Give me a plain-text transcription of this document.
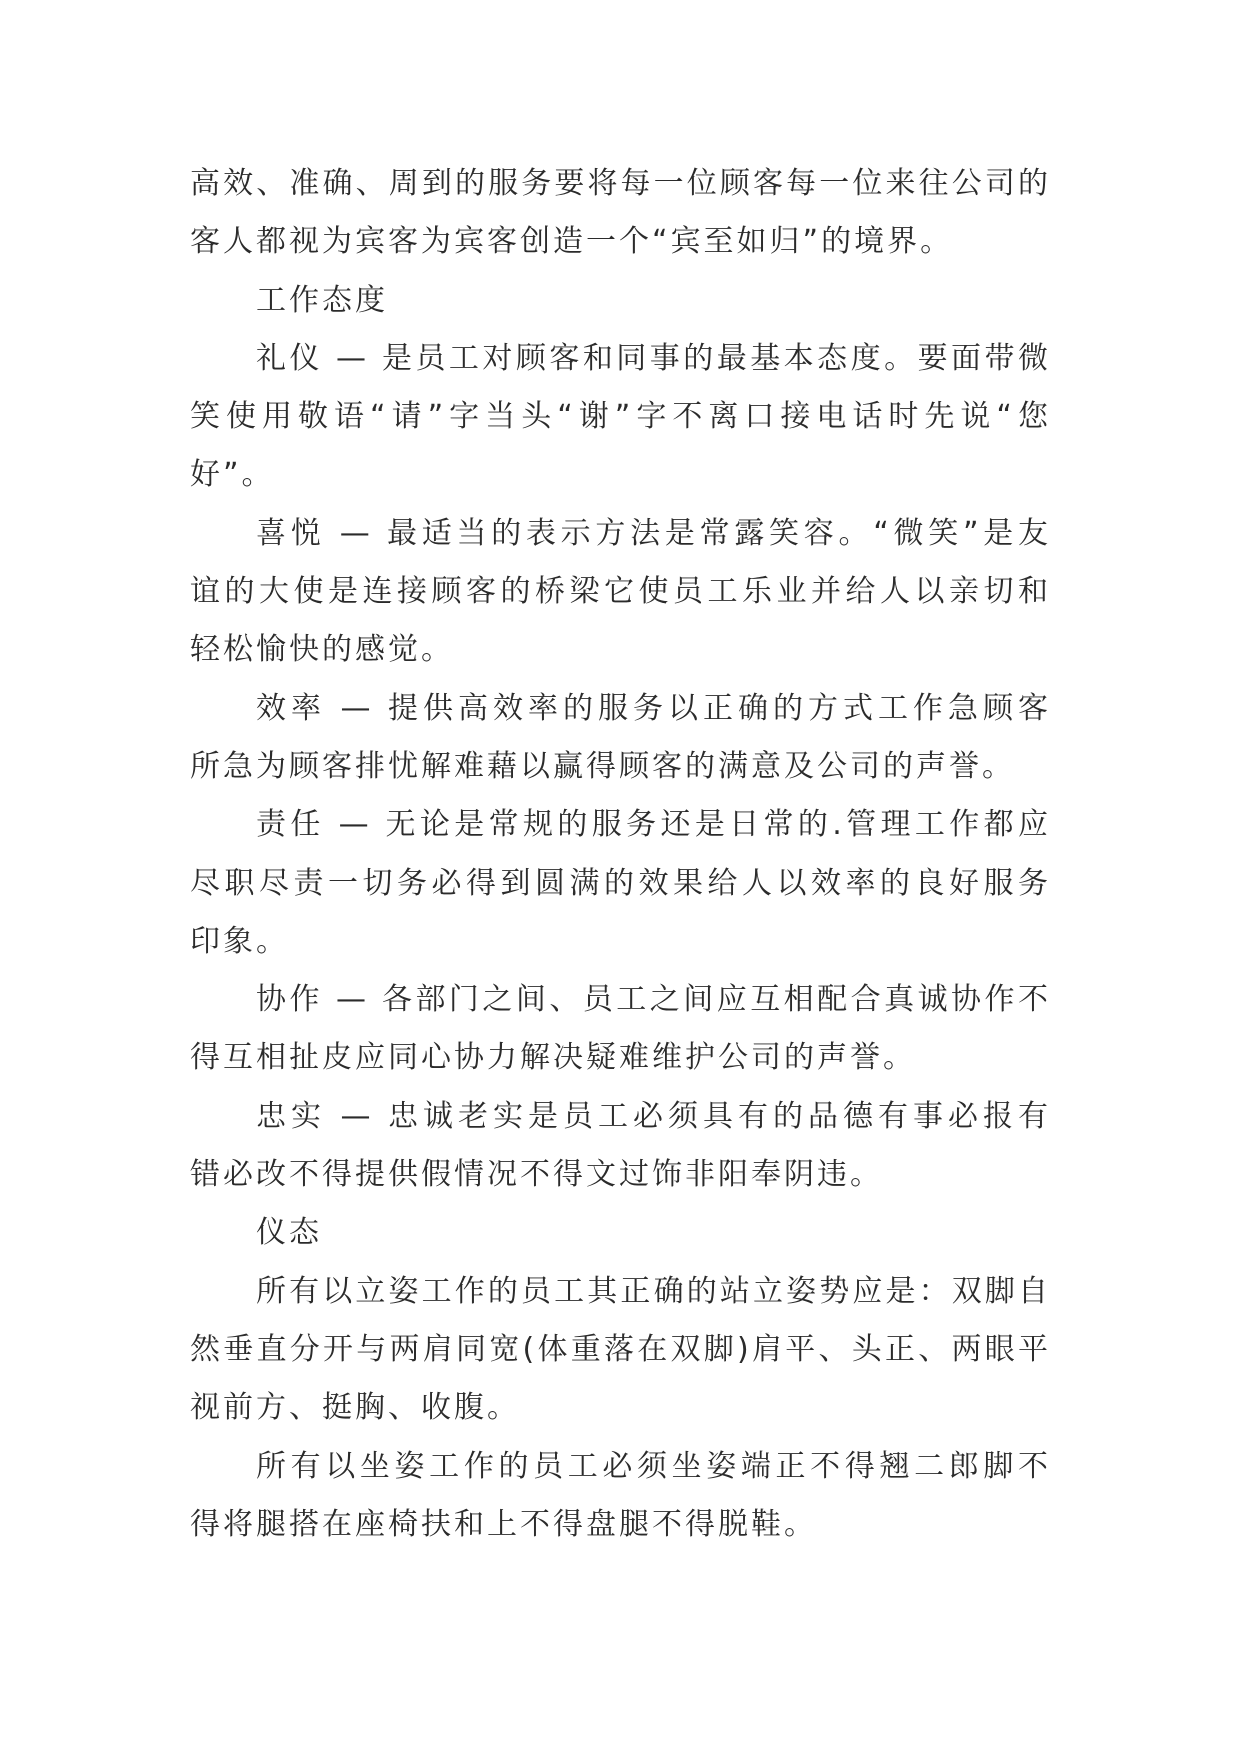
高效、准确、周到的服务要将每一位顾客每一位来往公司的
客人都视为宾客为宾客创造一个“宾至如归”的境界。
工作态度
礼仪 — 是员工对顾客和同事的最基本态度。要面带微
笑使用敬语“请”字当头“谢”字不离口接电话时先说“您
好”。
喜悦 — 最适当的表示方法是常露笑容。“微笑”是友
谊的大使是连接顾客的桥梁它使员工乐业并给人以亲切和
轻松愉快的感觉。
效率 — 提供高效率的服务以正确的方式工作急顾客
所急为顾客排忧解难藉以赢得顾客的满意及公司的声誉。
责任 — 无论是常规的服务还是日常的.管理工作都应
尽职尽责一切务必得到圆满的效果给人以效率的良好服务
印象。
协作 — 各部门之间、员工之间应互相配合真诚协作不
得互相扯皮应同心协力解决疑难维护公司的声誉。
忠实 — 忠诚老实是员工必须具有的品德有事必报有
错必改不得提供假情况不得文过饰非阳奉阴违。
仪态
所有以立姿工作的员工其正确的站立姿势应是：双脚自
然垂直分开与两肩同宽(体重落在双脚)肩平、头正、两眼平
视前方、挺胸、收腹。
所有以坐姿工作的员工必须坐姿端正不得翘二郎脚不
得将腿搭在座椅扶和上不得盘腿不得脱鞋。
